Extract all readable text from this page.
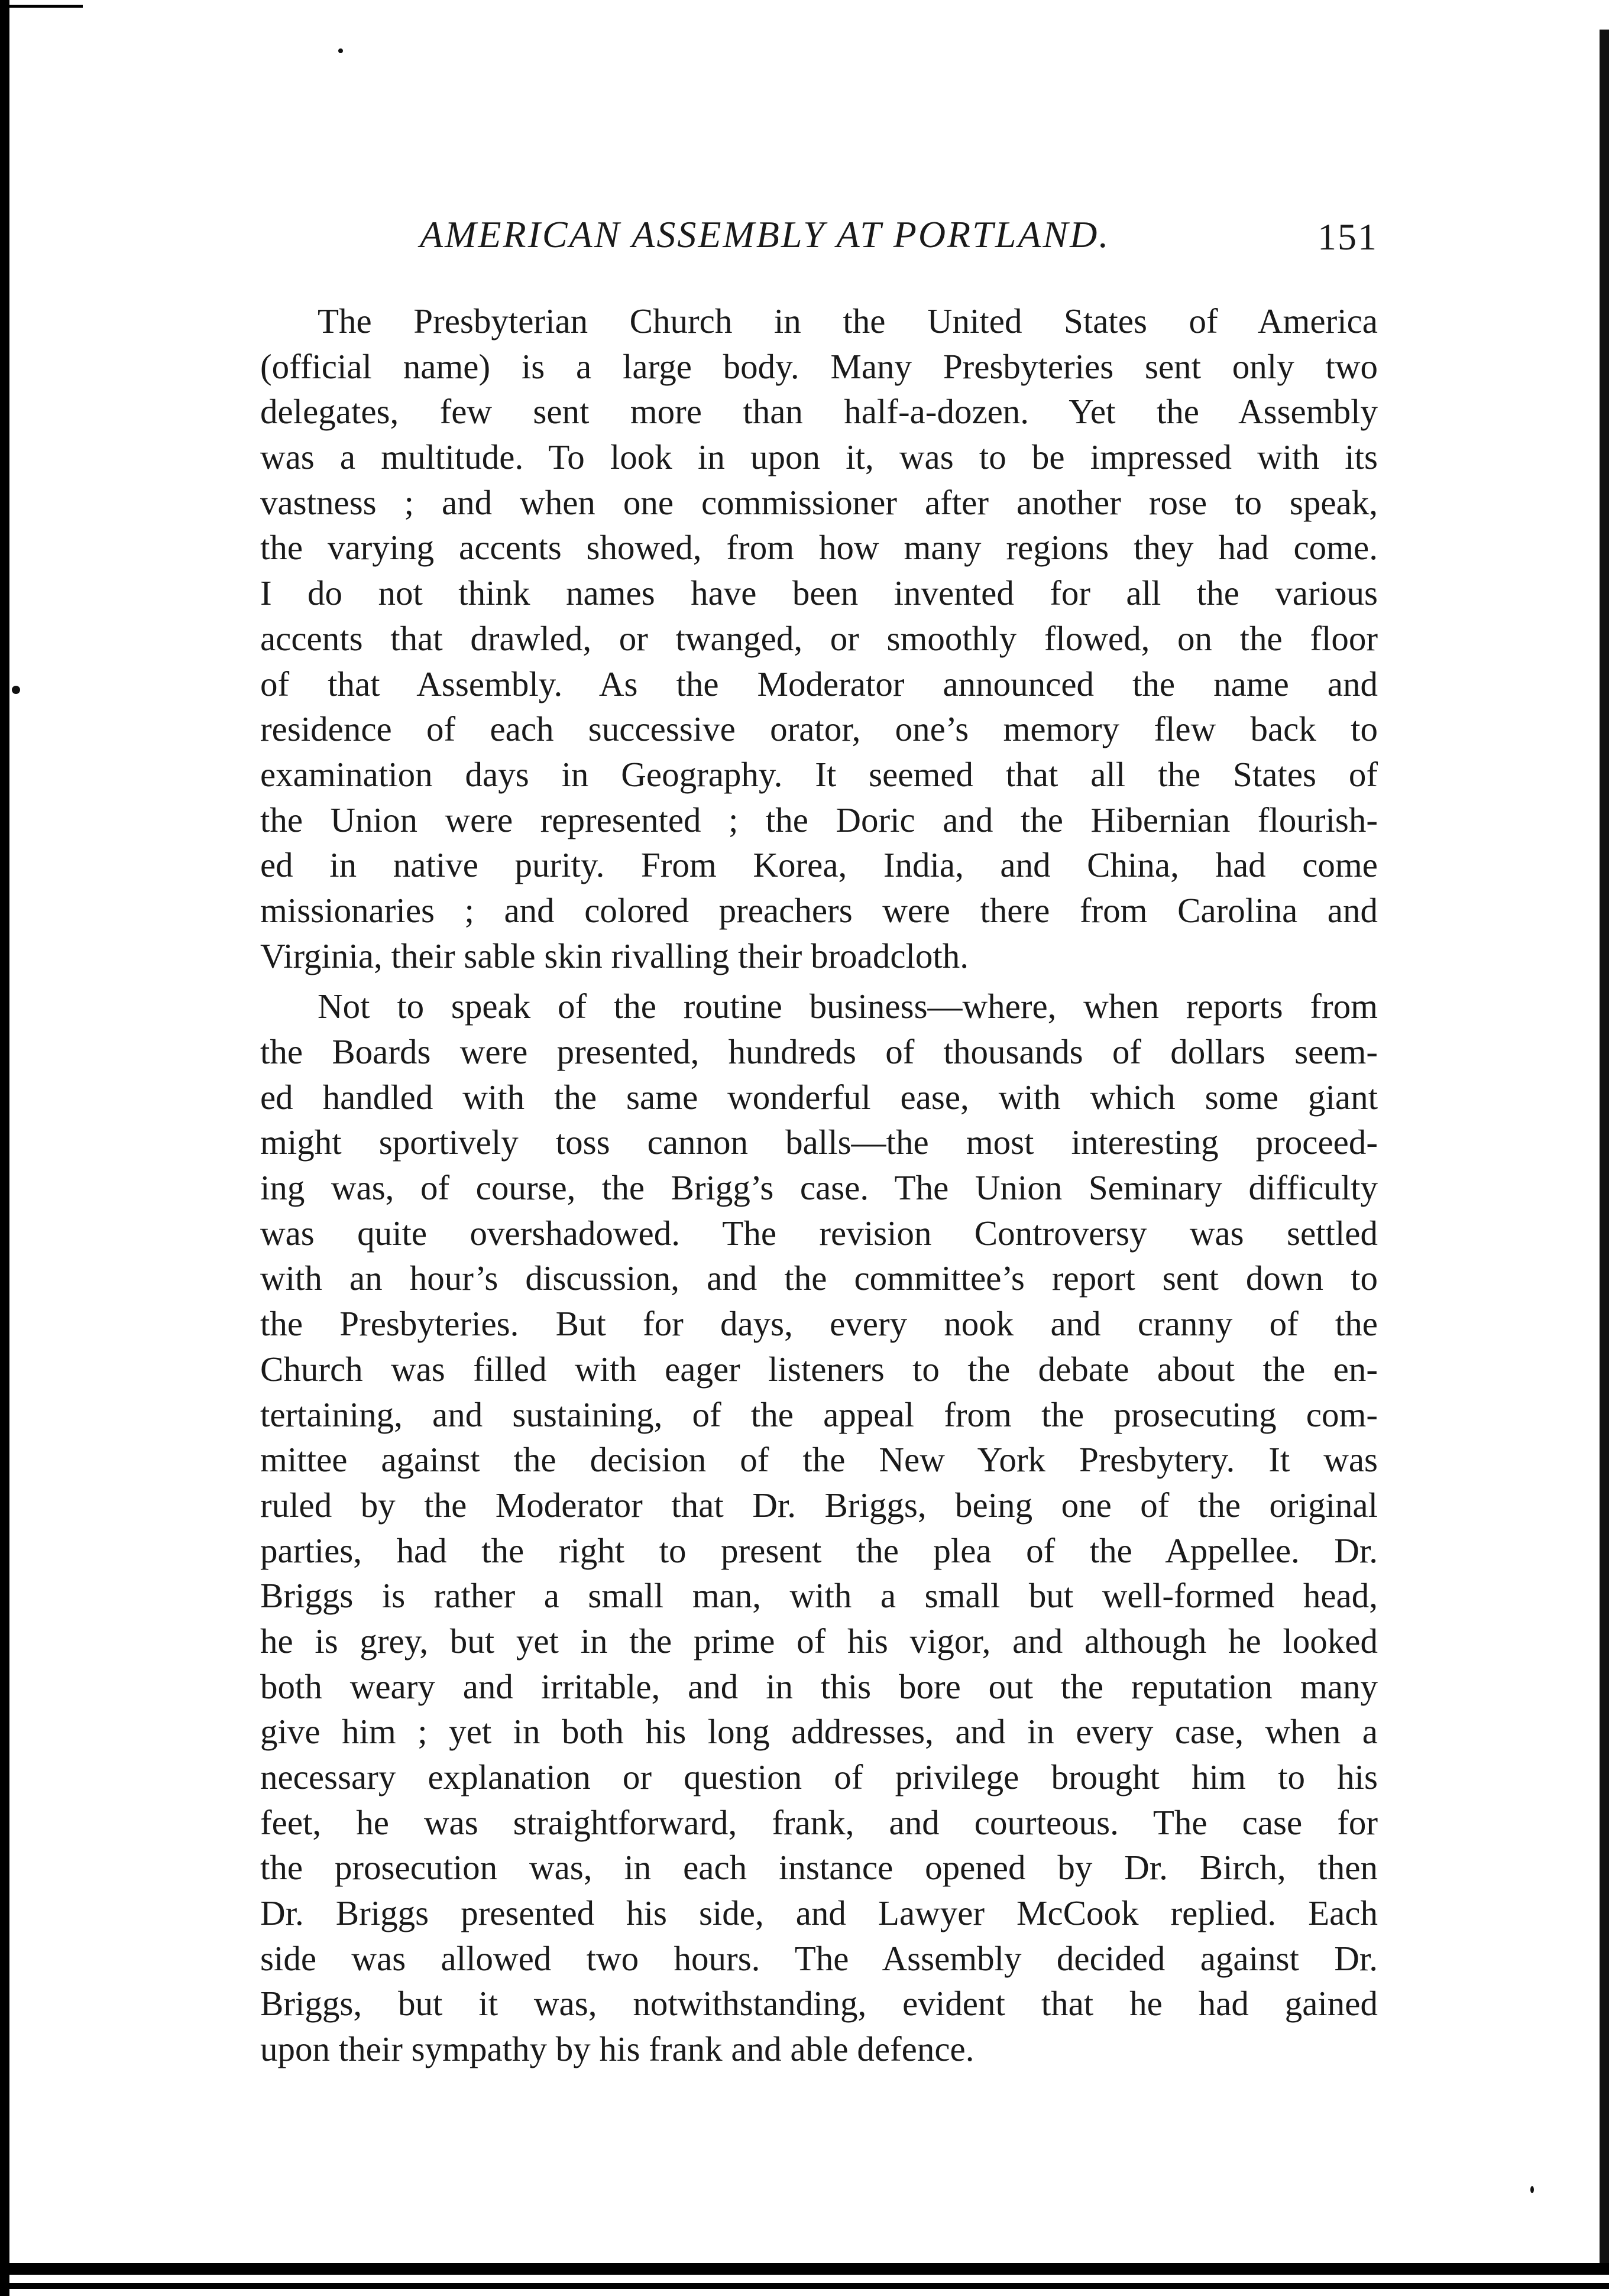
AMERICAN ASSEMBLY AT PORTLAND.	151
The Presbyterian Church in the United States of America
(official name) is a large body. Many Presbyteries sent only two
delegates, few sent more than half-a-dozen. Yet the Assembly
was a multitude. To look in upon it, was to be impressed with its
vastness ; and when one commissioner after another rose to speak,
the varying accents showed, from how many regions they had come.
I do not think names have been invented for all the various
accents that drawled, or twanged, or smoothly flowed, on the floor
of that Assembly. As the Moderator announced the name and
residence of each successive orator, one’s memory flew back to
examination days in Geography. It seemed that all the States of
the Union were represented ; the Doric and the Hibernian flourish-
ed in native purity. From Korea, India, and China, had come
missionaries ; and colored preachers were there from Carolina and
Virginia, their sable skin rivalling their broadcloth.
Not to speak of the routine business—where, when reports from
the Boards were presented, hundreds of thousands of dollars seem-
ed handled with the same wonderful ease, with which some giant
might sportively toss cannon balls—the most interesting proceed-
ing was, of course, the Brigg’s case. The Union Seminary difficulty
was quite overshadowed. The revision Controversy was settled
with an hour’s discussion, and the committee’s report sent down to
the Presbyteries. But for days, every nook and cranny of the
Church was filled with eager listeners to the debate about the en-
tertaining, and sustaining, of the appeal from the prosecuting com-
mittee against the decision of the New York Presbytery. It was
ruled by the Moderator that Dr. Briggs, being one of the original
parties, had the right to present the plea of the Appellee. Dr.
Briggs is rather a small man, with a small but well-formed head,
he is grey, but yet in the prime of his vigor, and although he looked
both weary and irritable, and in this bore out the reputation many
give him ; yet in both his long addresses, and in every case, when a
necessary explanation or question of privilege brought him to his
feet, he was straightforward, frank, and courteous. The case for
the prosecution was, in each instance opened by Dr. Birch, then
Dr. Briggs presented his side, and Lawyer McCook replied. Each
side was allowed two hours. The Assembly decided against Dr.
Briggs, but it was, notwithstanding, evident that he had gained
upon their sympathy by his frank and able defence.
